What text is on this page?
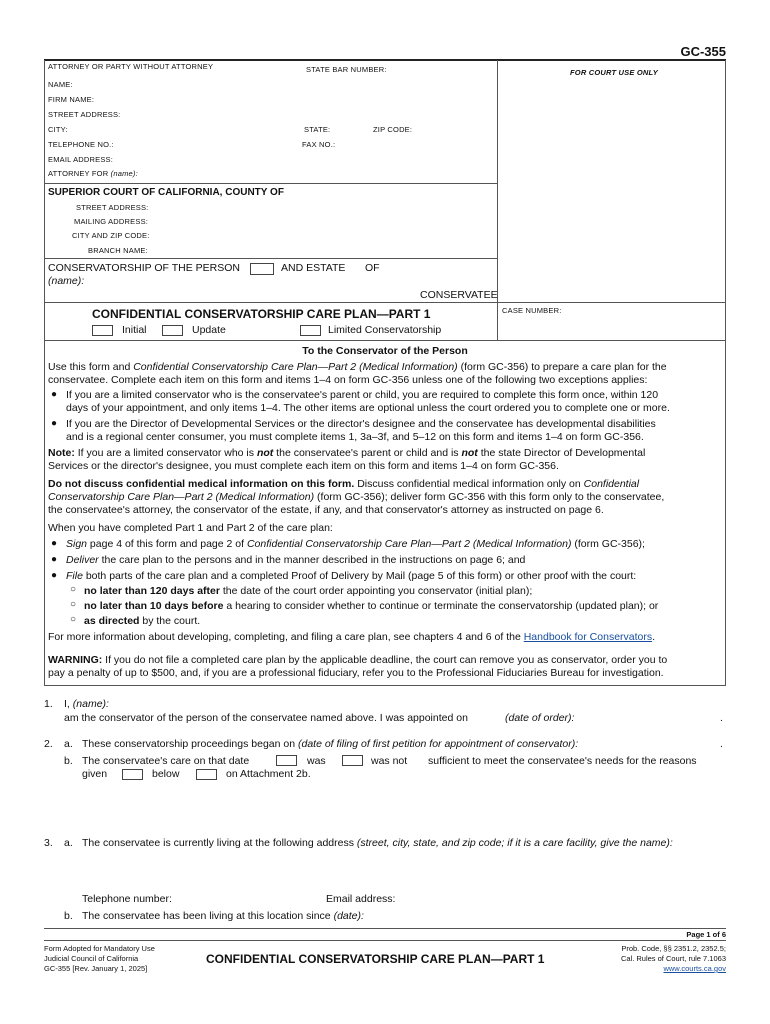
GC-355
ATTORNEY OR PARTY WITHOUT ATTORNEY	STATE BAR NUMBER:	FOR COURT USE ONLY
NAME:
FIRM NAME:
STREET ADDRESS:
CITY:	STATE:	ZIP CODE:
TELEPHONE NO.:	FAX NO.:
EMAIL ADDRESS:
ATTORNEY FOR (name):
SUPERIOR COURT OF CALIFORNIA, COUNTY OF
STREET ADDRESS:
MAILING ADDRESS:
CITY AND ZIP CODE:
BRANCH NAME:
CONSERVATORSHIP OF THE PERSON	AND ESTATE OF
(name):
CONSERVATEE
CASE NUMBER:
CONFIDENTIAL CONSERVATORSHIP CARE PLAN—PART 1
Initial	Update	Limited Conservatorship
To the Conservator of the Person
Use this form and Confidential Conservatorship Care Plan—Part 2 (Medical Information) (form GC-356) to prepare a care plan for the
conservatee. Complete each item on this form and items 1–4 on form GC-356 unless one of the following two exceptions applies:
● If you are a limited conservator who is the conservatee's parent or child, you are required to complete this form once, within 120
days of your appointment, and only items 1–4. The other items are optional unless the court ordered you to complete one or more.
● If you are the Director of Developmental Services or the director's designee and the conservatee has developmental disabilities
and is a regional center consumer, you must complete items 1, 3a–3f, and 5–12 on this form and items 1–4 on form GC-356.
Note: If you are a limited conservator who is not the conservatee's parent or child and is not the state Director of Developmental
Services or the director's designee, you must complete each item on this form and items 1–4 on form GC-356.
Do not discuss confidential medical information on this form. Discuss confidential medical information only on Confidential
Conservatorship Care Plan—Part 2 (Medical Information) (form GC-356); deliver form GC-356 with this form only to the conservatee,
the conservatee's attorney, the conservator of the estate, if any, and that conservator's attorney as instructed on page 6.
When you have completed Part 1 and Part 2 of the care plan:
● Sign page 4 of this form and page 2 of Confidential Conservatorship Care Plan—Part 2 (Medical Information) (form GC-356);
● Deliver the care plan to the persons and in the manner described in the instructions on page 6; and
● File both parts of the care plan and a completed Proof of Delivery by Mail (page 5 of this form) or other proof with the court:
○ no later than 120 days after the date of the court order appointing you conservator (initial plan);
○ no later than 10 days before a hearing to consider whether to continue or terminate the conservatorship (updated plan); or
○ as directed by the court.
For more information about developing, completing, and filing a care plan, see chapters 4 and 6 of the Handbook for Conservators.
WARNING: If you do not file a completed care plan by the applicable deadline, the court can remove you as conservator, order you to
pay a penalty of up to $500, and, if you are a professional fiduciary, refer you to the Professional Fiduciaries Bureau for investigation.
1. I, (name):
am the conservator of the person of the conservatee named above. I was appointed on	(date of order):	.
2. a. These conservatorship proceedings began on (date of filing of first petition for appointment of conservator):	.
b. The conservatee's care on that date	was	was not sufficient to meet the conservatee's needs for the reasons
given	below	on Attachment 2b.
3. a. The conservatee is currently living at the following address (street, city, state, and zip code; if it is a care facility, give the name):
Telephone number:	Email address:
b. The conservatee has been living at this location since (date):
Page 1 of 6
Form Adopted for Mandatory Use
Judicial Council of California
GC-355 [Rev. January 1, 2025]
CONFIDENTIAL CONSERVATORSHIP CARE PLAN—PART 1
Prob. Code, §§ 2351.2, 2352.5;
Cal. Rules of Court, rule 7.1063
www.courts.ca.gov
